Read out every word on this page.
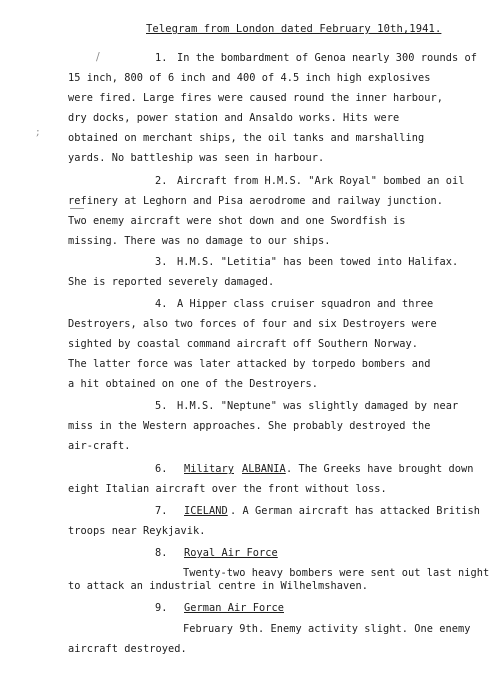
Telegram from London dated February 10th,1941.
/
;
1. In the bombardment of Genoa nearly 300 rounds of
15 inch, 800 of 6 inch and 400 of 4.5 inch high explosives
were fired. Large fires were caused round the inner harbour,
dry docks, power station and Ansaldo works. Hits were
obtained on merchant ships, the oil tanks and marshalling
yards. No battleship was seen in harbour.
2. Aircraft from H.M.S. "Ark Royal" bombed an oil
refinery at Leghorn and Pisa aerodrome and railway junction.
Two enemy aircraft were shot down and one Swordfish is
missing. There was no damage to our ships.
3. H.M.S. "Letitia" has been towed into Halifax.
She is reported severely damaged.
4. A Hipper class cruiser squadron and three
Destroyers, also two forces of four and six Destroyers were
sighted by coastal command aircraft off Southern Norway.
The latter force was later attacked by torpedo bombers and
a hit obtained on one of the Destroyers.
5. H.M.S. "Neptune" was slightly damaged by near
miss in the Western approaches. She probably destroyed the
air-craft.
6. Military ALBANIA . The Greeks have brought down
eight Italian aircraft over the front without loss.
7. ICELAND . A German aircraft has attacked British
troops near Reykjavik.
8. Royal Air Force
Twenty-two heavy bombers were sent out last night
to attack an industrial centre in Wilhelmshaven.
9. German Air Force
February 9th. Enemy activity slight. One enemy
aircraft destroyed.
